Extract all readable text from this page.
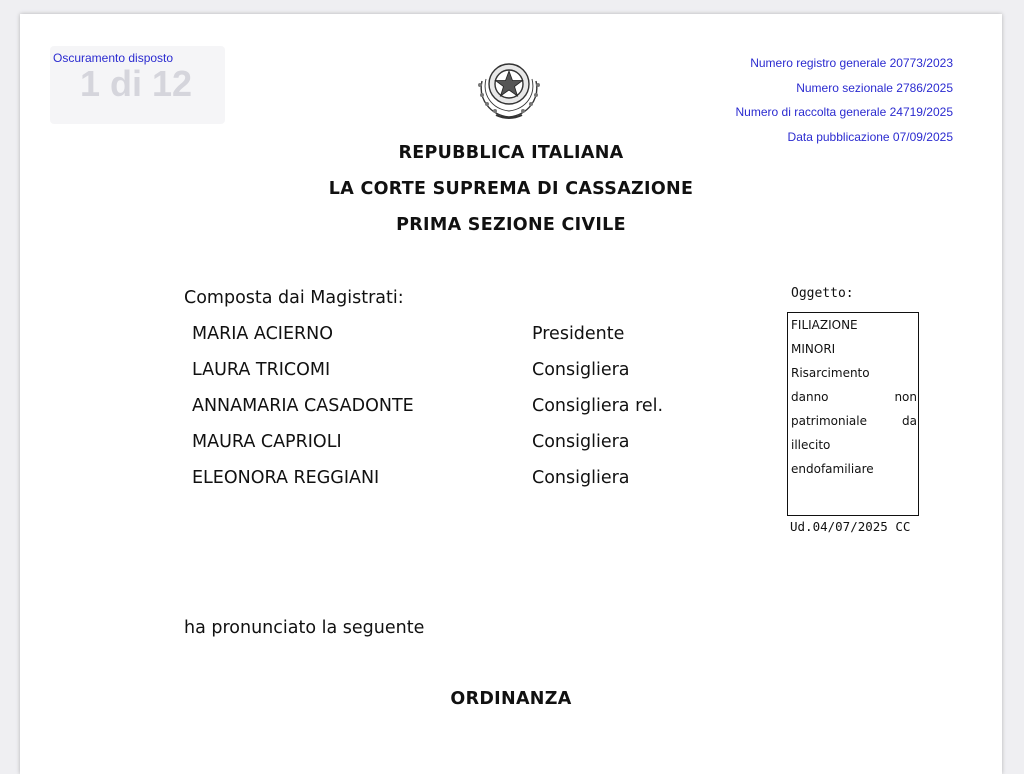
1 di 12
Oscuramento disposto	Numero registro generale 20773/2023
Numero sezionale 2786/2025
Numero di raccolta generale 24719/2025
Data pubblicazione 07/09/2025
REPUBBLICA ITALIANA
LA CORTE SUPREMA DI CASSAZIONE
PRIMA SEZIONE CIVILE
Composta dai Magistrati:
MARIA ACIERNO	Presidente
LAURA TRICOMI	Consigliera
ANNAMARIA CASADONTE	Consigliera rel.
MAURA CAPRIOLI	Consigliera
ELEONORA REGGIANI	Consigliera
Oggetto:
FILIAZIONE
MINORI
Risarcimento
danno	non
patrimoniale	da
illecito
endofamiliare
Ud.04/07/2025 CC
ha pronunciato la seguente
ORDINANZA
